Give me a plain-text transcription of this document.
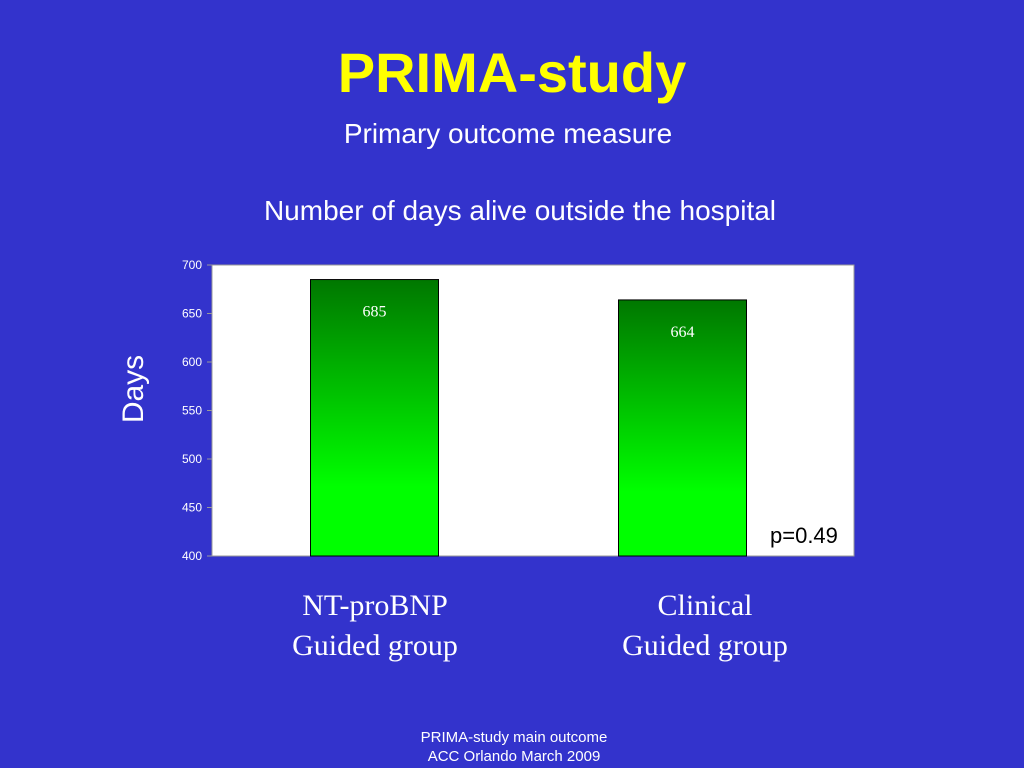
PRIMA-study
Primary outcome measure
Number of days alive outside the hospital
Days
400
450
500
550
600
650
700
685
664
NT-proBNP
Guided group
Clinical
Guided group
p=0.49
PRIMA-study main outcome
ACC Orlando March 2009
